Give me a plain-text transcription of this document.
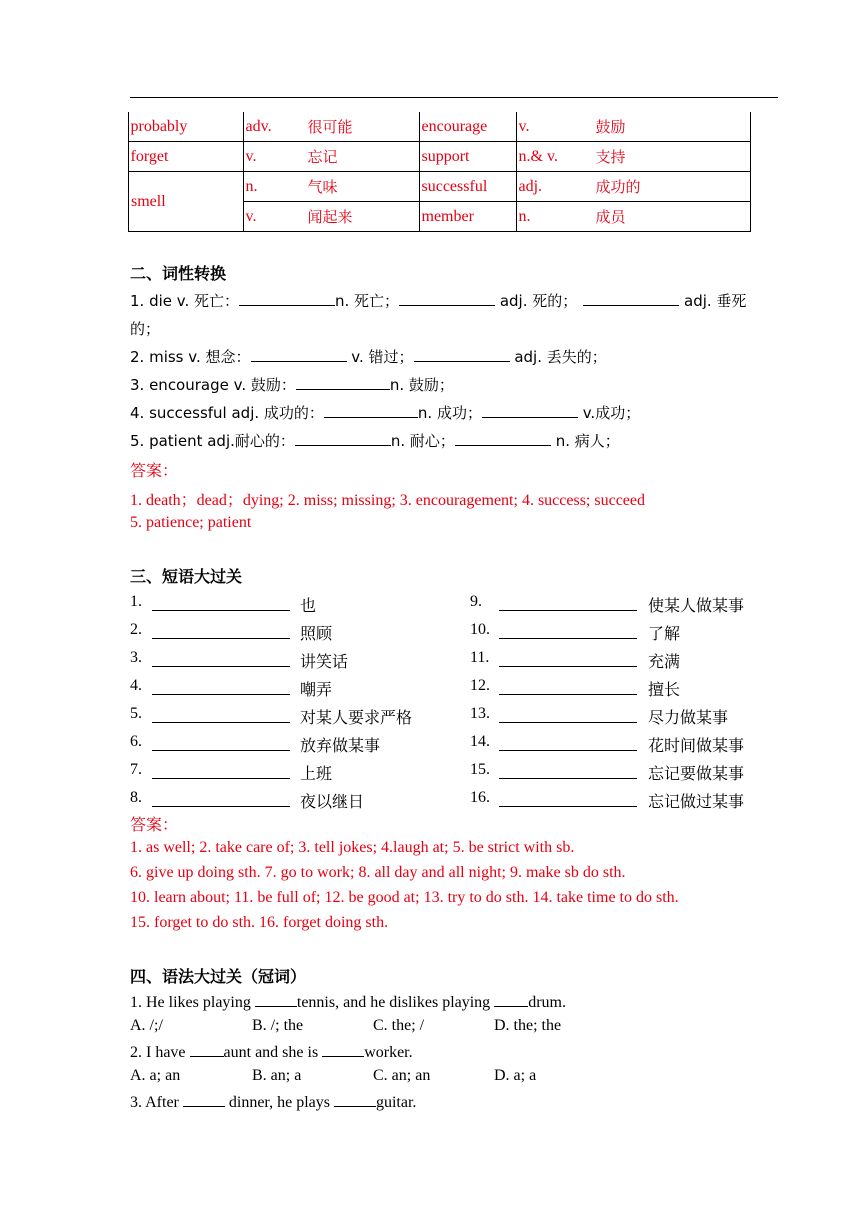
probably	adv.	很可能	encourage	v.	鼓励
forget	v.	忘记	support	n.& v.	支持
smell	n.	气味	successful	adj.	成功的
	v.	闻起来	member	n.	成员
二、词性转换
1. die v. 死亡：	n. 死亡；	adj. 死的；	adj. 垂死
的；
2. miss v. 想念：	v. 错过；	adj. 丢失的；
3. encourage v. 鼓励：	n. 鼓励；
4. successful adj. 成功的：	n. 成功；	v.成功；
5. patient adj.耐心的：	n. 耐心；	n. 病人；
答案：
1. death；dead；dying; 2. miss; missing; 3. encouragement; 4. success; succeed
5. patience; patient
三、短语大过关
1.	也
2.	照顾
3.	讲笑话
4.	嘲弄
5.	对某人要求严格
6.	放弃做某事
7.	上班
8.	夜以继日
9.	使某人做某事
10.	了解
11.	充满
12.	擅长
13.	尽力做某事
14.	花时间做某事
15.	忘记要做某事
16.	忘记做过某事
答案：
1. as well; 2. take care of; 3. tell jokes; 4.laugh at; 5. be strict with sb.
6. give up doing sth. 7. go to work; 8. all day and all night; 9. make sb do sth.
10. learn about; 11. be full of; 12. be good at; 13. try to do sth. 14. take time to do sth.
15. forget to do sth. 16. forget doing sth.
四、语法大过关（冠词）
1. He likes playing	tennis, and he dislikes playing drum.
A. /;/	B. /; the	C. the; /	D. the; the
2. I have aunt and she is	worker.
A. a; an	B. an; a	C. an; an	D. a; a
3. After	dinner, he plays	guitar.
